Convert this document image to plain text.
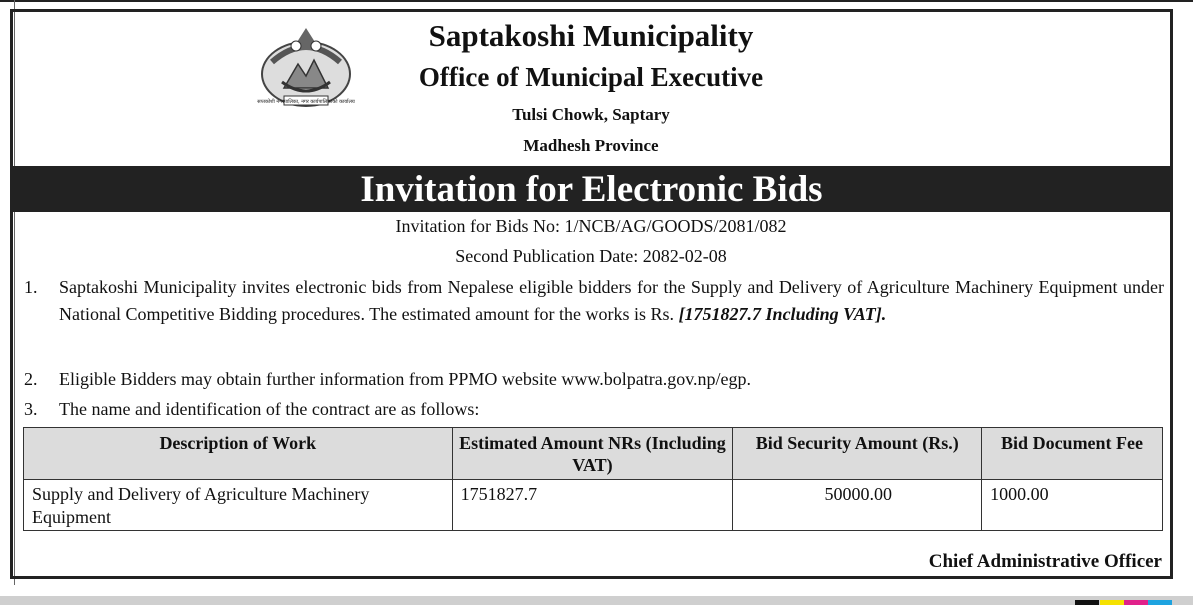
सप्तकोशी नगरपालिका, नगर कार्यपालिकाको कार्यालय
Saptakoshi Municipality
Office of Municipal Executive
Tulsi Chowk, Saptary
Madhesh Province
Invitation for Electronic Bids
Invitation for Bids No: 1/NCB/AG/GOODS/2081/082
Second Publication Date: 2082-02-08
1. Saptakoshi Municipality invites electronic bids from Nepalese eligible bidders for the Supply and Delivery of Agriculture Machinery Equipment under National Competitive Bidding procedures. The estimated amount for the works is Rs. [1751827.7 Including VAT].
2. Eligible Bidders may obtain further information from PPMO website www.bolpatra.gov.np/egp.
3. The name and identification of the contract are as follows:
Description of Work	Estimated Amount NRs (Including VAT)	Bid Security Amount (Rs.)	Bid Document Fee
Supply and Delivery of Agriculture Machinery Equipment	1751827.7	50000.00	1000.00
Chief Administrative Officer
